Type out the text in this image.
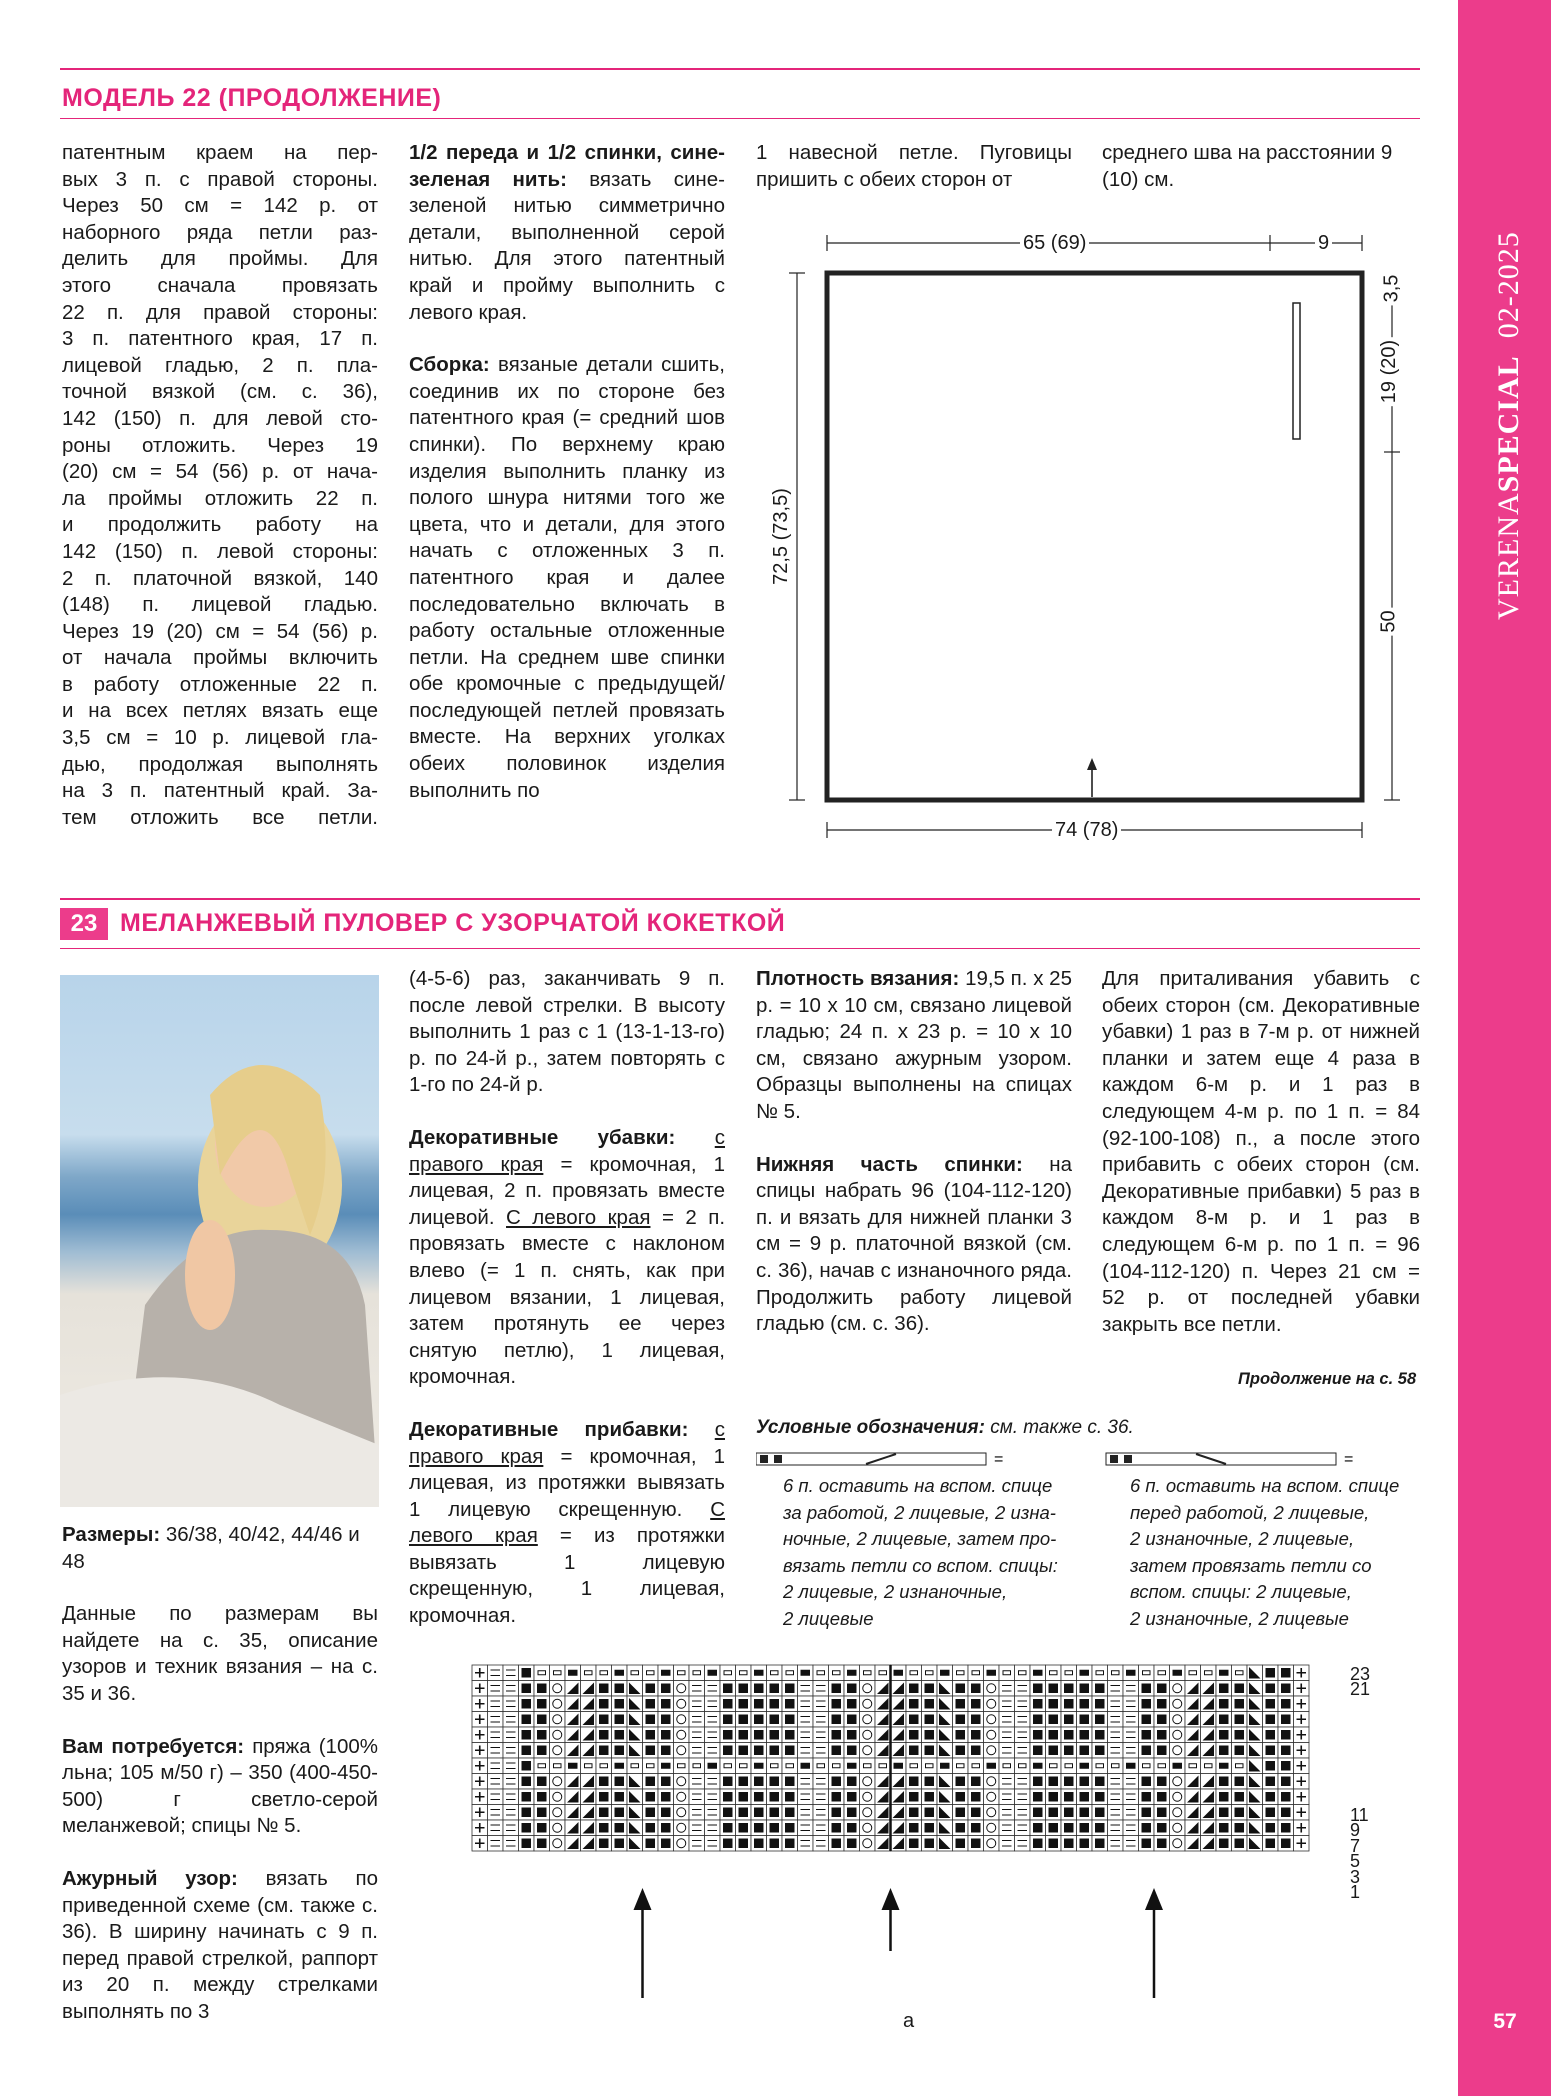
VERENASPECIAL  02-2025
57
МОДЕЛЬ 22 (ПРОДОЛЖЕНИЕ)
патентным краем на пер-
вых 3 п. с правой стороны.
Через 50 см = 142 р. от
наборного ряда петли раз-
делить для проймы. Для
этого сначала провязать
22 п. для правой стороны:
3 п. патентного края, 17 п.
лицевой гладью, 2 п. пла-
точной вязкой (см. с. 36),
142 (150) п. для левой сто-
роны отложить. Через 19
(20) см = 54 (56) р. от нача-
ла проймы отложить 22 п.
и продолжить работу на
142 (150) п. левой стороны:
2 п. платочной вязкой, 140
(148) п. лицевой гладью.
Через 19 (20) см = 54 (56) р.
от начала проймы включить
в работу отложенные 22 п.
и на всех петлях вязать еще
3,5 см = 10 р. лицевой гла-
дью, продолжая выполнять
на 3 п. патентный край. За-
тем отложить все петли.

1/2 переда и 1/2 спинки, сине-зеленая нить: вязать сине-зеленой нитью симметрично детали, выполненной серой нитью. Для этого патентный край и пройму выполнить с левого края.

Сборка: вязаные детали сшить, соединив их по стороне без патентного края (= средний шов спинки). По верхнему краю изделия выполнить планку из полого шнура нитями того же цвета, что и детали, для этого начать с отложенных 3 п. патентного края и далее последовательно включать в работу остальные отложенные петли. На среднем шве спинки обе кромочные с предыдущей/последующей петлей провязать вместе. На верхних уголках обеих половинок изделия выполнить по

1 навесной петле. Пуговицы пришить с обеих сторон от
среднего шва на расстоянии 9 (10) см.
65 (69)	9
74 (78)
72,5 (73,5)
3,5
19 (20)
50
23 МЕЛАНЖЕВЫЙ ПУЛОВЕР С УЗОРЧАТОЙ КОКЕТКОЙ

Размеры: 36/38, 40/42, 44/46 и 48

Данные по размерам вы найдете на с. 35, описание узоров и техник вязания – на с. 35 и 36.

Вам потребуется: пряжа (100% льна; 105 м/50 г) – 350 (400-450-500) г светло-серой меланжевой; спицы № 5.

Ажурный узор: вязать по приведенной схеме (см. также с. 36). В ширину начинать с 9 п. перед правой стрелкой, раппорт из 20 п. между стрелками выполнять по 3

(4-5-6) раз, заканчивать 9 п. после левой стрелки. В высоту выполнить 1 раз с 1 (13-1-13-го) р. по 24-й р., затем повторять с 1-го по 24-й р.

Декоративные убавки: с правого края = кромочная, 1 лицевая, 2 п. провязать вместе лицевой. С левого края = 2 п. провязать вместе с наклоном влево (= 1 п. снять, как при лицевом вязании, 1 лицевая, затем протянуть ее через снятую петлю), 1 лицевая, кромочная.

Декоративные прибавки: с правого края = кромочная, 1 лицевая, из протяжки вывязать 1 лицевую скрещенную. С левого края = из протяжки вывязать 1 лицевую скрещенную, 1 лицевая, кромочная.

Плотность вязания: 19,5 п. х 25 р. = 10 х 10 см, связано лицевой гладью; 24 п. х 23 р. = 10 х 10 см, связано ажурным узором. Образцы выполнены на спицах № 5.

Нижняя часть спинки: на спицы набрать 96 (104-112-120) п. и вязать для нижней планки 3 см = 9 р. платочной вязкой (см. с. 36), начав с изнаночного ряда. Продолжить работу лицевой гладью (см. с. 36).

Для приталивания убавить с обеих сторон (см. Декоративные убавки) 1 раз в 7-м р. от нижней планки и затем еще 4 раза в каждом 6-м р. и 1 раз в следующем 4-м р. по 1 п. = 84 (92-100-108) п., а после этого прибавить с обеих сторон (см. Декоративные прибавки) 5 раз в каждом 8-м р. и 1 раз в следующем 6-м р. по 1 п. = 96 (104-112-120) п. Через 21 см = 52 р. от последней убавки закрыть все петли.
Продолжение на с. 58
Условные обозначения: см. также с. 36.
=	=
6 п. оставить на вспом. спице
за работой, 2 лицевые, 2 изна-
ночные, 2 лицевые, затем про-
вязать петли со вспом. спицы:
2 лицевые, 2 изнаночные,
2 лицевые
6 п. оставить на вспом. спице
перед работой, 2 лицевые,
2 изнаночные, 2 лицевые,
затем провязать петли со
вспом. спицы: 2 лицевые,
2 изнаночные, 2 лицевые
23
21
11
9
7
5
3
1
а
